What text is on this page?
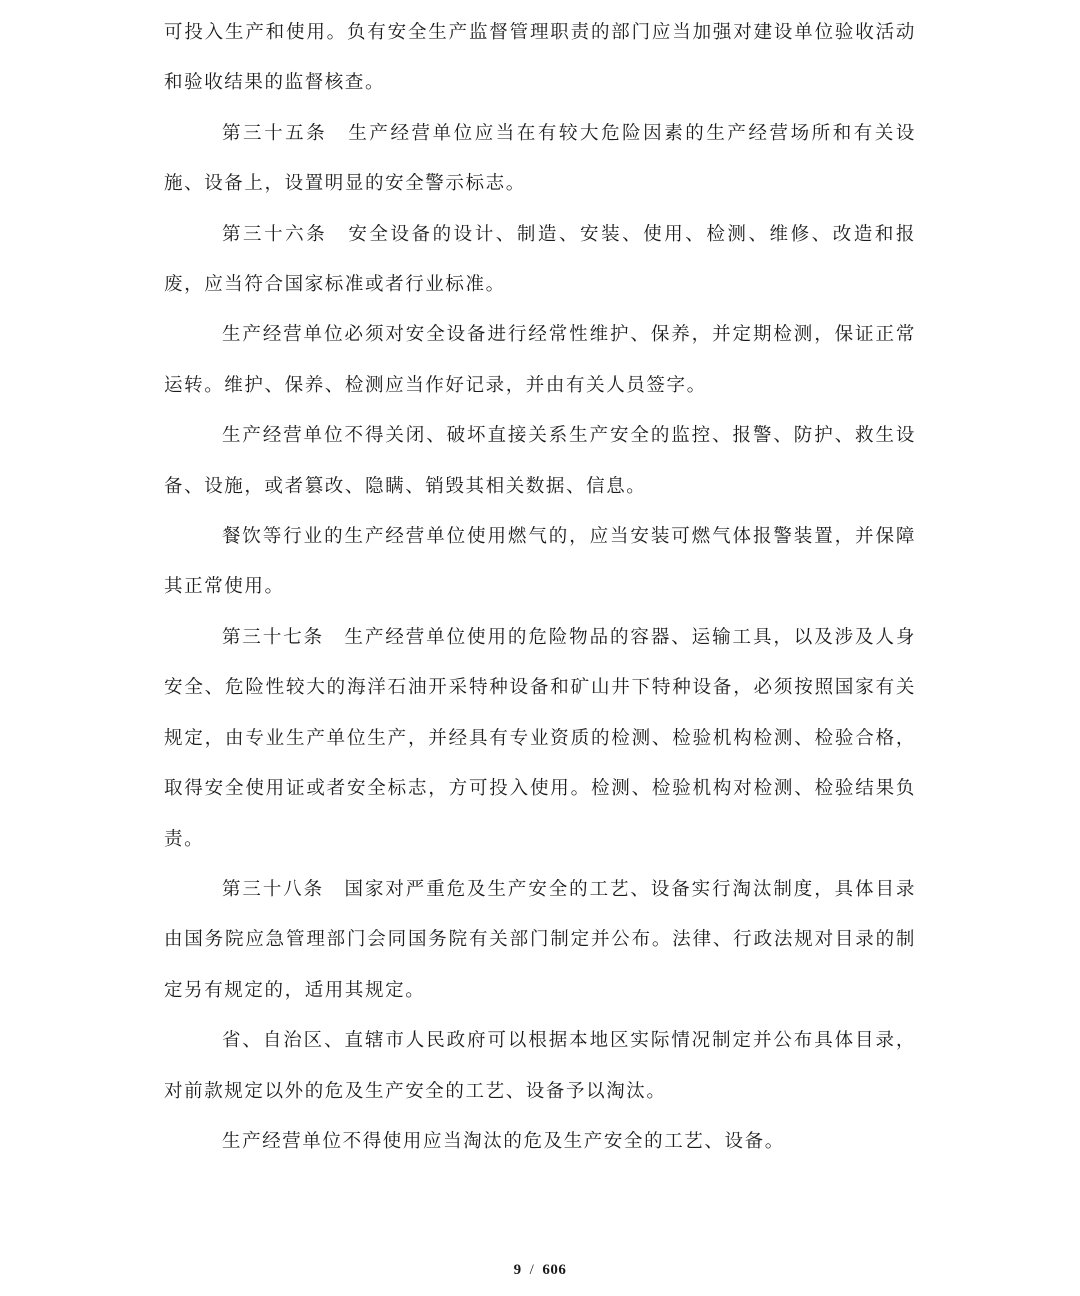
可投入生产和使用。负有安全生产监督管理职责的部门应当加强对建设单位验收活动和验收结果的监督核查。

第三十五条　生产经营单位应当在有较大危险因素的生产经营场所和有关设施、设备上，设置明显的安全警示标志。

第三十六条　安全设备的设计、制造、安装、使用、检测、维修、改造和报废，应当符合国家标准或者行业标准。

生产经营单位必须对安全设备进行经常性维护、保养，并定期检测，保证正常运转。维护、保养、检测应当作好记录，并由有关人员签字。

生产经营单位不得关闭、破坏直接关系生产安全的监控、报警、防护、救生设备、设施，或者篡改、隐瞒、销毁其相关数据、信息。

餐饮等行业的生产经营单位使用燃气的，应当安装可燃气体报警装置，并保障其正常使用。

第三十七条　生产经营单位使用的危险物品的容器、运输工具，以及涉及人身安全、危险性较大的海洋石油开采特种设备和矿山井下特种设备，必须按照国家有关规定，由专业生产单位生产，并经具有专业资质的检测、检验机构检测、检验合格，取得安全使用证或者安全标志，方可投入使用。检测、检验机构对检测、检验结果负责。

第三十八条　国家对严重危及生产安全的工艺、设备实行淘汰制度，具体目录由国务院应急管理部门会同国务院有关部门制定并公布。法律、行政法规对目录的制定另有规定的，适用其规定。

省、自治区、直辖市人民政府可以根据本地区实际情况制定并公布具体目录，对前款规定以外的危及生产安全的工艺、设备予以淘汰。

生产经营单位不得使用应当淘汰的危及生产安全的工艺、设备。

9 / 606
